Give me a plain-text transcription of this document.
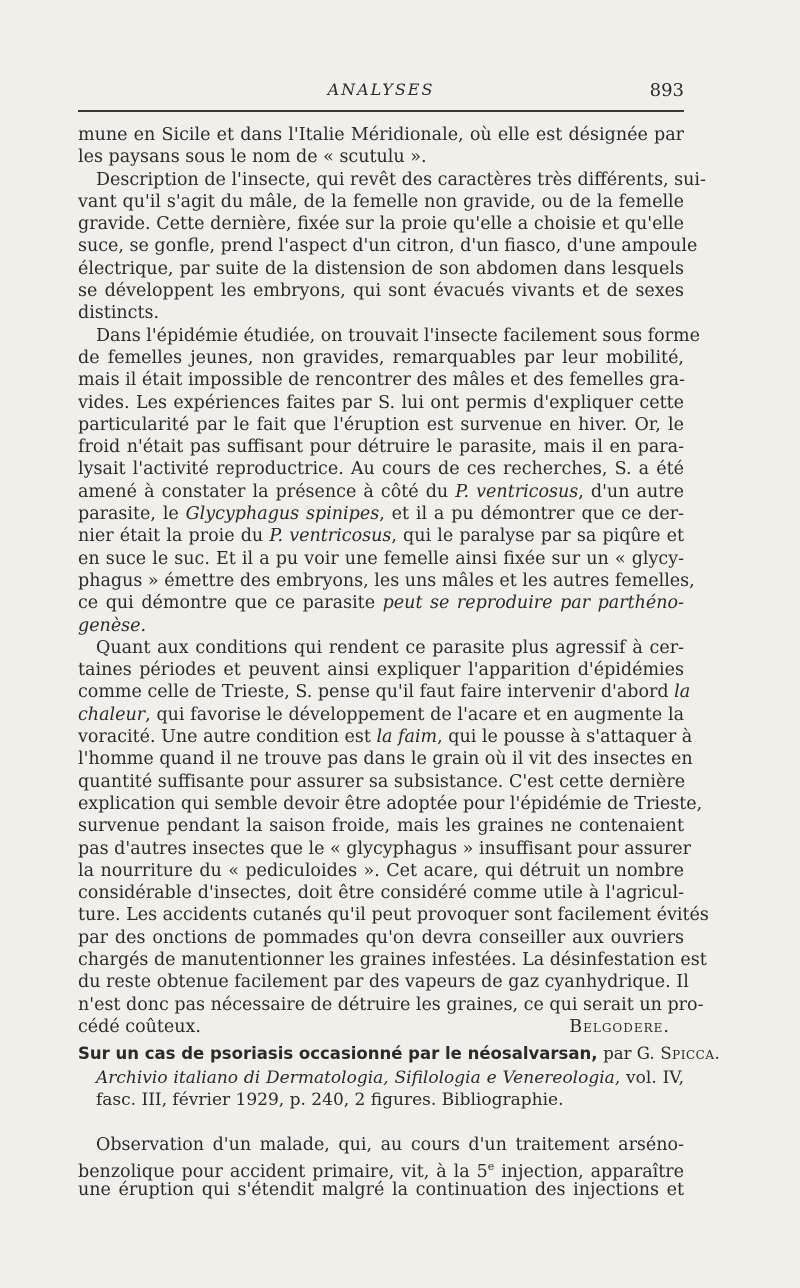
ANALYSES	893
mune en Sicile et dans l'Italie Méridionale, où elle est désignée par
les paysans sous le nom de « scutulu ».
Description de l'insecte, qui revêt des caractères très différents, sui-
vant qu'il s'agit du mâle, de la femelle non gravide, ou de la femelle
gravide. Cette dernière, fixée sur la proie qu'elle a choisie et qu'elle
suce, se gonfle, prend l'aspect d'un citron, d'un fiasco, d'une ampoule
électrique, par suite de la distension de son abdomen dans lesquels
se développent les embryons, qui sont évacués vivants et de sexes
distincts.
Dans l'épidémie étudiée, on trouvait l'insecte facilement sous forme
de femelles jeunes, non gravides, remarquables par leur mobilité,
mais il était impossible de rencontrer des mâles et des femelles gra-
vides. Les expériences faites par S. lui ont permis d'expliquer cette
particularité par le fait que l'éruption est survenue en hiver. Or, le
froid n'était pas suffisant pour détruire le parasite, mais il en para-
lysait l'activité reproductrice. Au cours de ces recherches, S. a été
amené à constater la présence à côté du P. ventricosus, d'un autre
parasite, le Glycyphagus spinipes, et il a pu démontrer que ce der-
nier était la proie du P. ventricosus, qui le paralyse par sa piqûre et
en suce le suc. Et il a pu voir une femelle ainsi fixée sur un « glycy-
phagus » émettre des embryons, les uns mâles et les autres femelles,
ce qui démontre que ce parasite peut se reproduire par parthéno-
genèse.
Quant aux conditions qui rendent ce parasite plus agressif à cer-
taines périodes et peuvent ainsi expliquer l'apparition d'épidémies
comme celle de Trieste, S. pense qu'il faut faire intervenir d'abord la
chaleur, qui favorise le développement de l'acare et en augmente la
voracité. Une autre condition est la faim, qui le pousse à s'attaquer à
l'homme quand il ne trouve pas dans le grain où il vit des insectes en
quantité suffisante pour assurer sa subsistance. C'est cette dernière
explication qui semble devoir être adoptée pour l'épidémie de Trieste,
survenue pendant la saison froide, mais les graines ne contenaient
pas d'autres insectes que le « glycyphagus » insuffisant pour assurer
la nourriture du « pediculoides ». Cet acare, qui détruit un nombre
considérable d'insectes, doit être considéré comme utile à l'agricul-
ture. Les accidents cutanés qu'il peut provoquer sont facilement évités
par des onctions de pommades qu'on devra conseiller aux ouvriers
chargés de manutentionner les graines infestées. La désinfestation est
du reste obtenue facilement par des vapeurs de gaz cyanhydrique. Il
n'est donc pas nécessaire de détruire les graines, ce qui serait un pro-
cédé coûteux.	Belgodere.
Sur un cas de psoriasis occasionné par le néosalvarsan, par G. Spicca.
Archivio italiano di Dermatologia, Sifilologia e Venereologia, vol. IV,
fasc. III, février 1929, p. 240, 2 figures. Bibliographie.
Observation d'un malade, qui, au cours d'un traitement arséno-
benzolique pour accident primaire, vit, à la 5e injection, apparaître
une éruption qui s'étendit malgré la continuation des injections et
